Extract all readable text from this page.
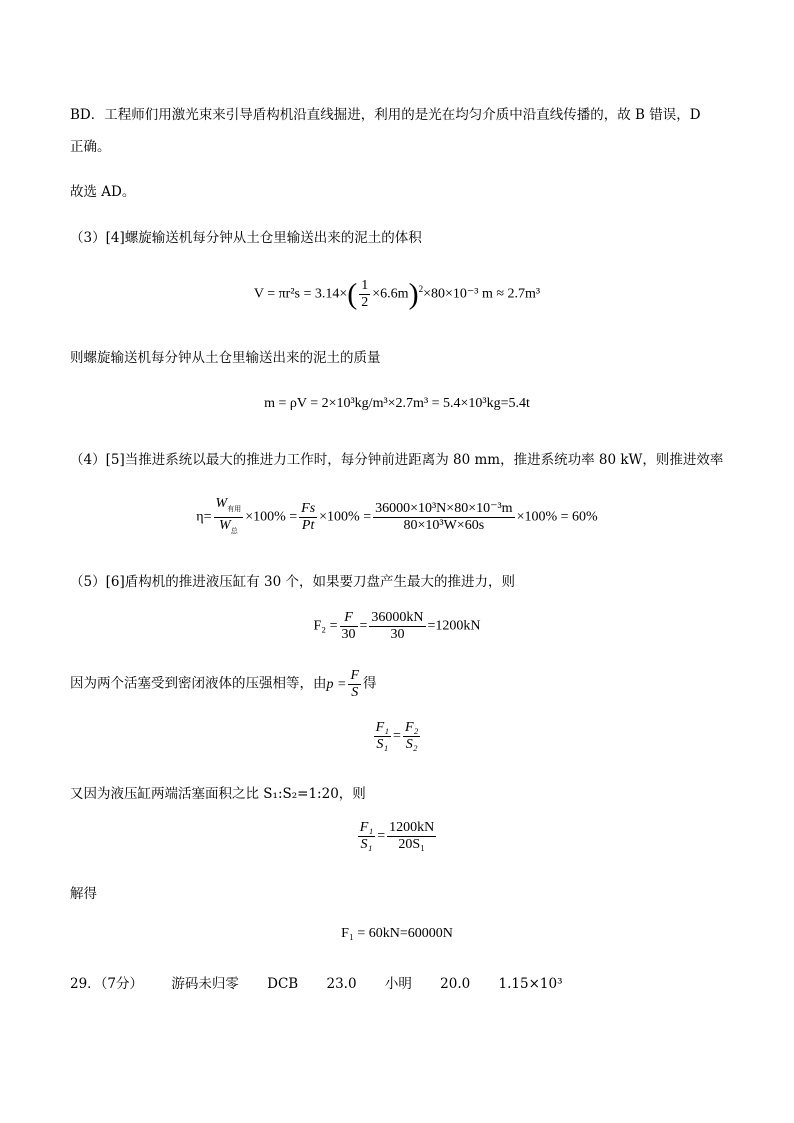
BD．工程师们用激光束来引导盾构机沿直线掘进，利用的是光在均匀介质中沿直线传播的，故 B 错误，D
正确。
故选 AD。
（3）[4]螺旋输送机每分钟从土仓里输送出来的泥土的体积
$V = \pi r^2s = 3.14\times( \frac{1}{2} \times 6.6m)^2\times 80\times 10^{-3}$ m ≈ 2.7m³
则螺旋输送机每分钟从土仓里输送出来的泥土的质量
m = ρV = 2×10³kg/m³×2.7m³ = 5.4×10³kg=5.4t
（4）[5]当推进系统以最大的推进力工作时，每分钟前进距离为 80 mm，推进系统功率 80 kW，则推进效率
$\eta= \frac{W_{有用}}{W_总} \times 100\% = \frac{Fs}{Pt} \times 100\% = \frac{\text{36000×10³N×80×10⁻³m}}{\text{80×10³W×60s}} \times 100\% = 60\%$
（5）[6]盾构机的推进液压缸有 30 个，如果要刀盘产生最大的推进力，则
$F_2 = \frac{F}{30} = \frac{36000kN}{30} =1200kN$
因为两个活塞受到密闭液体的压强相等，由$p = \frac{F}{S}$ 得
$\frac{\text{F₁}}{\text{S₁}} = \frac{\text{F₂}}{\text{S₂}}$
又因为液压缸两端活塞面积之比 S₁:S₂=1:20，则
$\frac{\text{F₁}}{\text{S₁}} = \frac{1200kN}{\text{20S₁}}$
解得
F₁ = 60kN=60000N
29．（7分） 游码未归零 DCB 23.0 小明 20.0 1.15×10³
